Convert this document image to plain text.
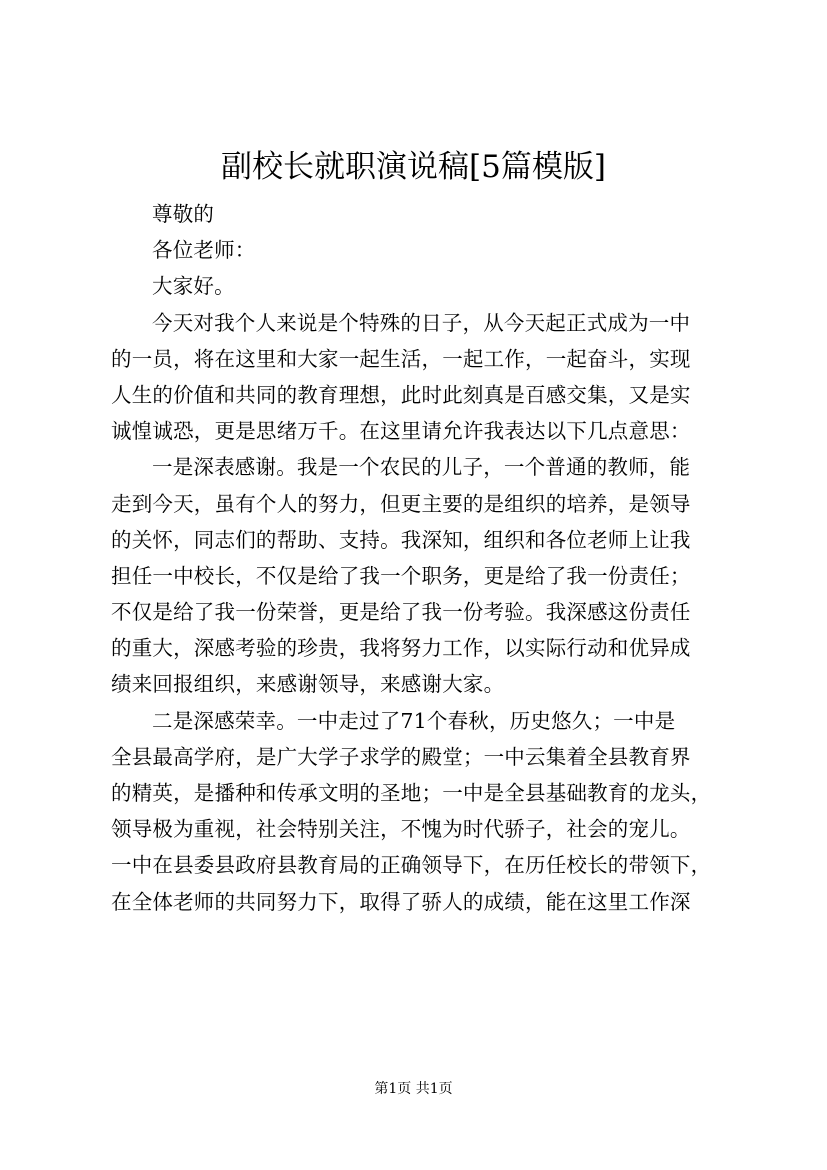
副校长就职演说稿[5篇模版]
尊敬的
各位老师：
大家好。
今天对我个人来说是个特殊的日子，从今天起正式成为一中
的一员，将在这里和大家一起生活，一起工作，一起奋斗，实现
人生的价值和共同的教育理想，此时此刻真是百感交集，又是实
诚惶诚恐，更是思绪万千。在这里请允许我表达以下几点意思：
一是深表感谢。我是一个农民的儿子，一个普通的教师，能
走到今天，虽有个人的努力，但更主要的是组织的培养，是领导
的关怀，同志们的帮助、支持。我深知，组织和各位老师上让我
担任一中校长，不仅是给了我一个职务，更是给了我一份责任；
不仅是给了我一份荣誉，更是给了我一份考验。我深感这份责任
的重大，深感考验的珍贵，我将努力工作，以实际行动和优异成
绩来回报组织，来感谢领导，来感谢大家。
二是深感荣幸。一中走过了71个春秋，历史悠久；一中是
全县最高学府，是广大学子求学的殿堂；一中云集着全县教育界
的精英，是播种和传承文明的圣地；一中是全县基础教育的龙头，
领导极为重视，社会特别关注，不愧为时代骄子，社会的宠儿。
一中在县委县政府县教育局的正确领导下，在历任校长的带领下，
在全体老师的共同努力下，取得了骄人的成绩，能在这里工作深
第1页 共1页
